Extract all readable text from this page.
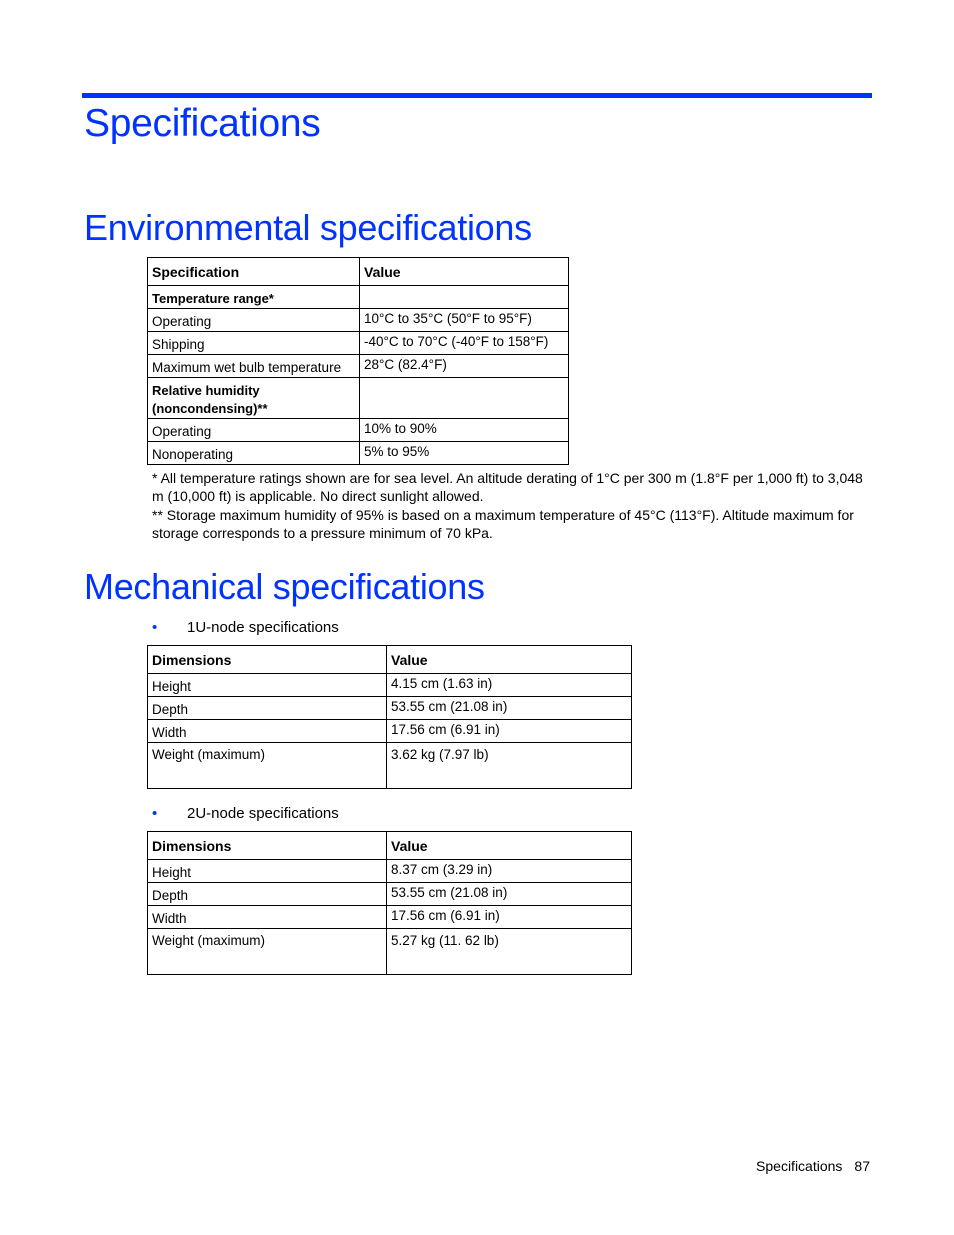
Specifications
Environmental specifications
Specification	Value
Temperature range*	
Operating	10°C to 35°C (50°F to 95°F)
Shipping	-40°C to 70°C (-40°F to 158°F)
Maximum wet bulb temperature	28°C (82.4°F)
Relative humidity
(noncondensing)**	
Operating	10% to 90%
Nonoperating	5% to 95%

* All temperature ratings shown are for sea level. An altitude derating of 1°C per 300 m (1.8°F per 1,000 ft) to 3,048 m (10,000 ft) is applicable. No direct sunlight allowed.

** Storage maximum humidity of 95% is based on a maximum temperature of 45°C (113°F). Altitude maximum for storage corresponds to a pressure minimum of 70 kPa.

Mechanical specifications
• 1U-node specifications
Dimensions	Value
Height	4.15 cm (1.63 in)
Depth	53.55 cm (21.08 in)
Width	17.56 cm (6.91 in)
Weight (maximum)	3.62 kg (7.97 lb)
• 2U-node specifications
Dimensions	Value
Height	8.37 cm (3.29 in)
Depth	53.55 cm (21.08 in)
Width	17.56 cm (6.91 in)
Weight (maximum)	5.27 kg (11. 62 lb)
Specifications 87
